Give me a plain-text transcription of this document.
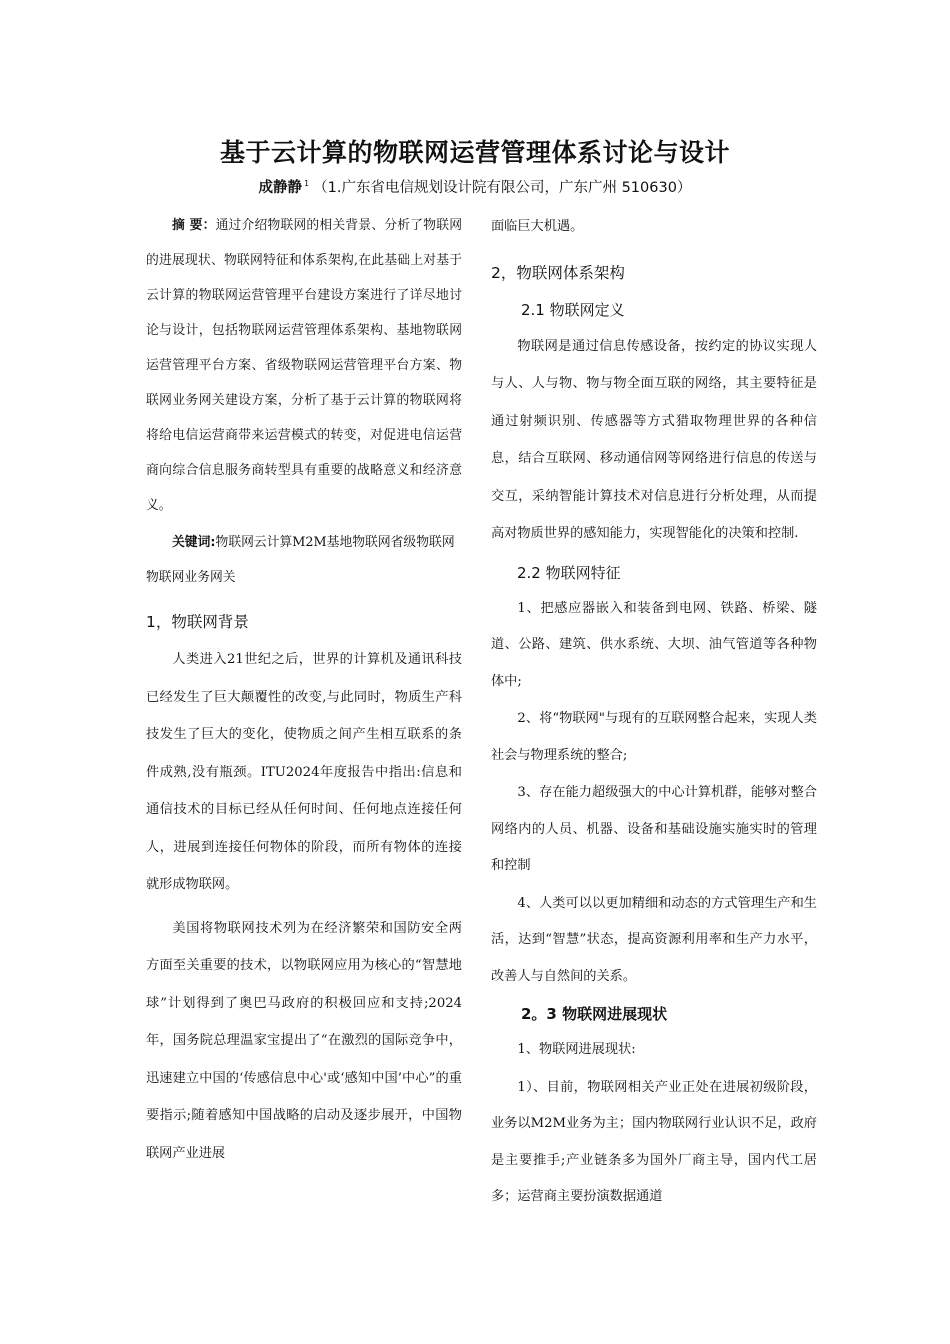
基于云计算的物联网运营管理体系讨论与设计
成静静 $^1$ （1.广东省电信规划设计院有限公司，广东广州 510630）

摘 要：通过介绍物联网的相关背景、分析了物联网的进展现状、物联网特征和体系架构,在此基础上对基于云计算的物联网运营管理平台建设方案进行了详尽地讨论与设计，包括物联网运营管理体系架构、基地物联网运营管理平台方案、省级物联网运营管理平台方案、物联网业务网关建设方案，分析了基于云计算的物联网将将给电信运营商带来运营模式的转变，对促进电信运营商向综合信息服务商转型具有重要的战略意义和经济意义。

关键词:物联网云计算M2M基地物联网省级物联网物联网业务网关

1，物联网背景

人类进入21世纪之后，世界的计算机及通讯科技已经发生了巨大颠覆性的改变,与此同时，物质生产科技发生了巨大的变化，使物质之间产生相互联系的条件成熟,没有瓶颈。ITU2024年度报告中指出:信息和通信技术的目标已经从任何时间、任何地点连接任何人，进展到连接任何物体的阶段，而所有物体的连接就形成物联网。

美国将物联网技术列为在经济繁荣和国防安全两方面至关重要的技术，以物联网应用为核心的“智慧地球”计划得到了奥巴马政府的积极回应和支持;2024年，国务院总理温家宝提出了“在激烈的国际竞争中，迅速建立中国的‘传感信息中心'或‘感知中国’中心”的重要指示;随着感知中国战略的启动及逐步展开，中国物联网产业进展

面临巨大机遇。

2，物联网体系架构
2.1 物联网定义

物联网是通过信息传感设备，按约定的协议实现人与人、人与物、物与物全面互联的网络，其主要特征是通过射频识别、传感器等方式猎取物理世界的各种信息，结合互联网、移动通信网等网络进行信息的传送与交互，采纳智能计算技术对信息进行分析处理，从而提高对物质世界的感知能力，实现智能化的决策和控制.

2.2 物联网特征

1、把感应器嵌入和装备到电网、铁路、桥梁、隧道、公路、建筑、供水系统、大坝、油气管道等各种物体中;

2、将“物联网"与现有的互联网整合起来，实现人类社会与物理系统的整合;

3、存在能力超级强大的中心计算机群，能够对整合网络内的人员、机器、设备和基础设施实施实时的管理和控制

4、人类可以以更加精细和动态的方式管理生产和生活，达到“智慧”状态，提高资源利用率和生产力水平，改善人与自然间的关系。

2。3 物联网进展现状

1、物联网进展现状:

1）、目前，物联网相关产业正处在进展初级阶段，业务以M2M业务为主；国内物联网行业认识不足，政府是主要推手;产业链条多为国外厂商主导，国内代工居多；运营商主要扮演数据通道
